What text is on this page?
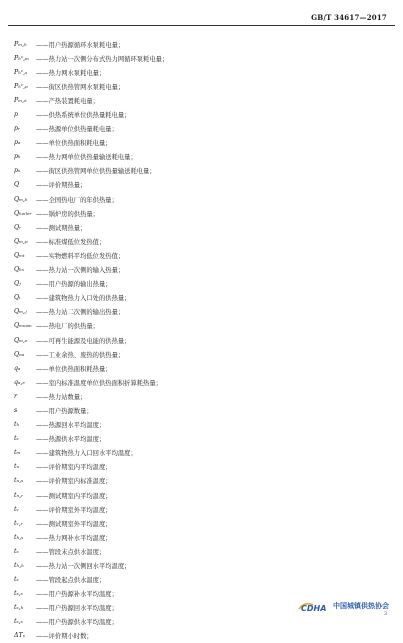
GB/T 34617—2017
Pₘ,ₕ	——用户热源循环水泵耗电量；
Pₕᶜ,ₘ	——热力站一次侧分布式热力网循环泵耗电量；
Pₕᶜ,ₛ	——热力网水泵耗电量；
Pₕᶜ,ₚ	——街区供热管网水泵耗电量；
Pₘ,ₑ	——产热装置耗电量；
p	——供热系统单位供热量耗电量；
pᵣ	——热源单位供热量耗电量；
pₐ	——单位供热面积耗电量；
pₕ	——热力网单位供热量输送耗电量；
pₛ	——街区供热管网单位供热量输送耗电量；
Q	——评价期热量；
Qₘ,ₕ	——全国热电厂的年供热量；
Qₕₒᵢₗₑᵣ ——锅炉房的供热量；
Qᵣ	——测试期热量；
Qₘ,ₚ	——标准煤低位发热值；
Qₘₜ	——实物燃料平均低位发热值；
Qₕₛ	——热力站一次侧的输入热量；
Qⱼ	——用户热源的输出热量；
Qᵢ	——建筑物热力入口处的供热量；
Qₘ,ⱼ	——热力站二次侧的输出热量；
Qₘₙₒₘ ——热电厂的供热量；
Qₘ,ₑ	——可再生能源及电能的供热量；
Qₙₐ	——工业余热、废热的供热量；
qₐ	——单位供热面积耗热量；
qₐ,ₑ	——室内标准温度单位供热面积折算耗热量；
r	——热力站数量；
s	——用户热源数量；
tₕ	——热源回水平均温度；
tₛ	——热源供水平均温度；
tₘ	——建筑物热力入口回水平均温度；
tₙ	——评价期室内平均温度；
tₙ,ₛ	——评价期室内标准温度；
tₙ,ᵣ	——测试期室内平均温度；
tᵥ	——评价期室外平均温度；
tᵥ,ᵣ	——测试期室外平均温度；
tₕ,ₛ	——热力网补水平均温度；
tₛ	——管段末点供水温度；
tₕ,ₕ	——热力站一次侧回水平均温度；
tₛ	——管段起点供水温度；
tₛ,ₛ	——用户热源补水平均温度；
tₛ,ₕ	——用户热源回水平均温度；
tₛ,ₛ	——用户热源供水平均温度；
ΔTₓ	——评价期小时数；
CDHA 中国城镇供热协会
3
